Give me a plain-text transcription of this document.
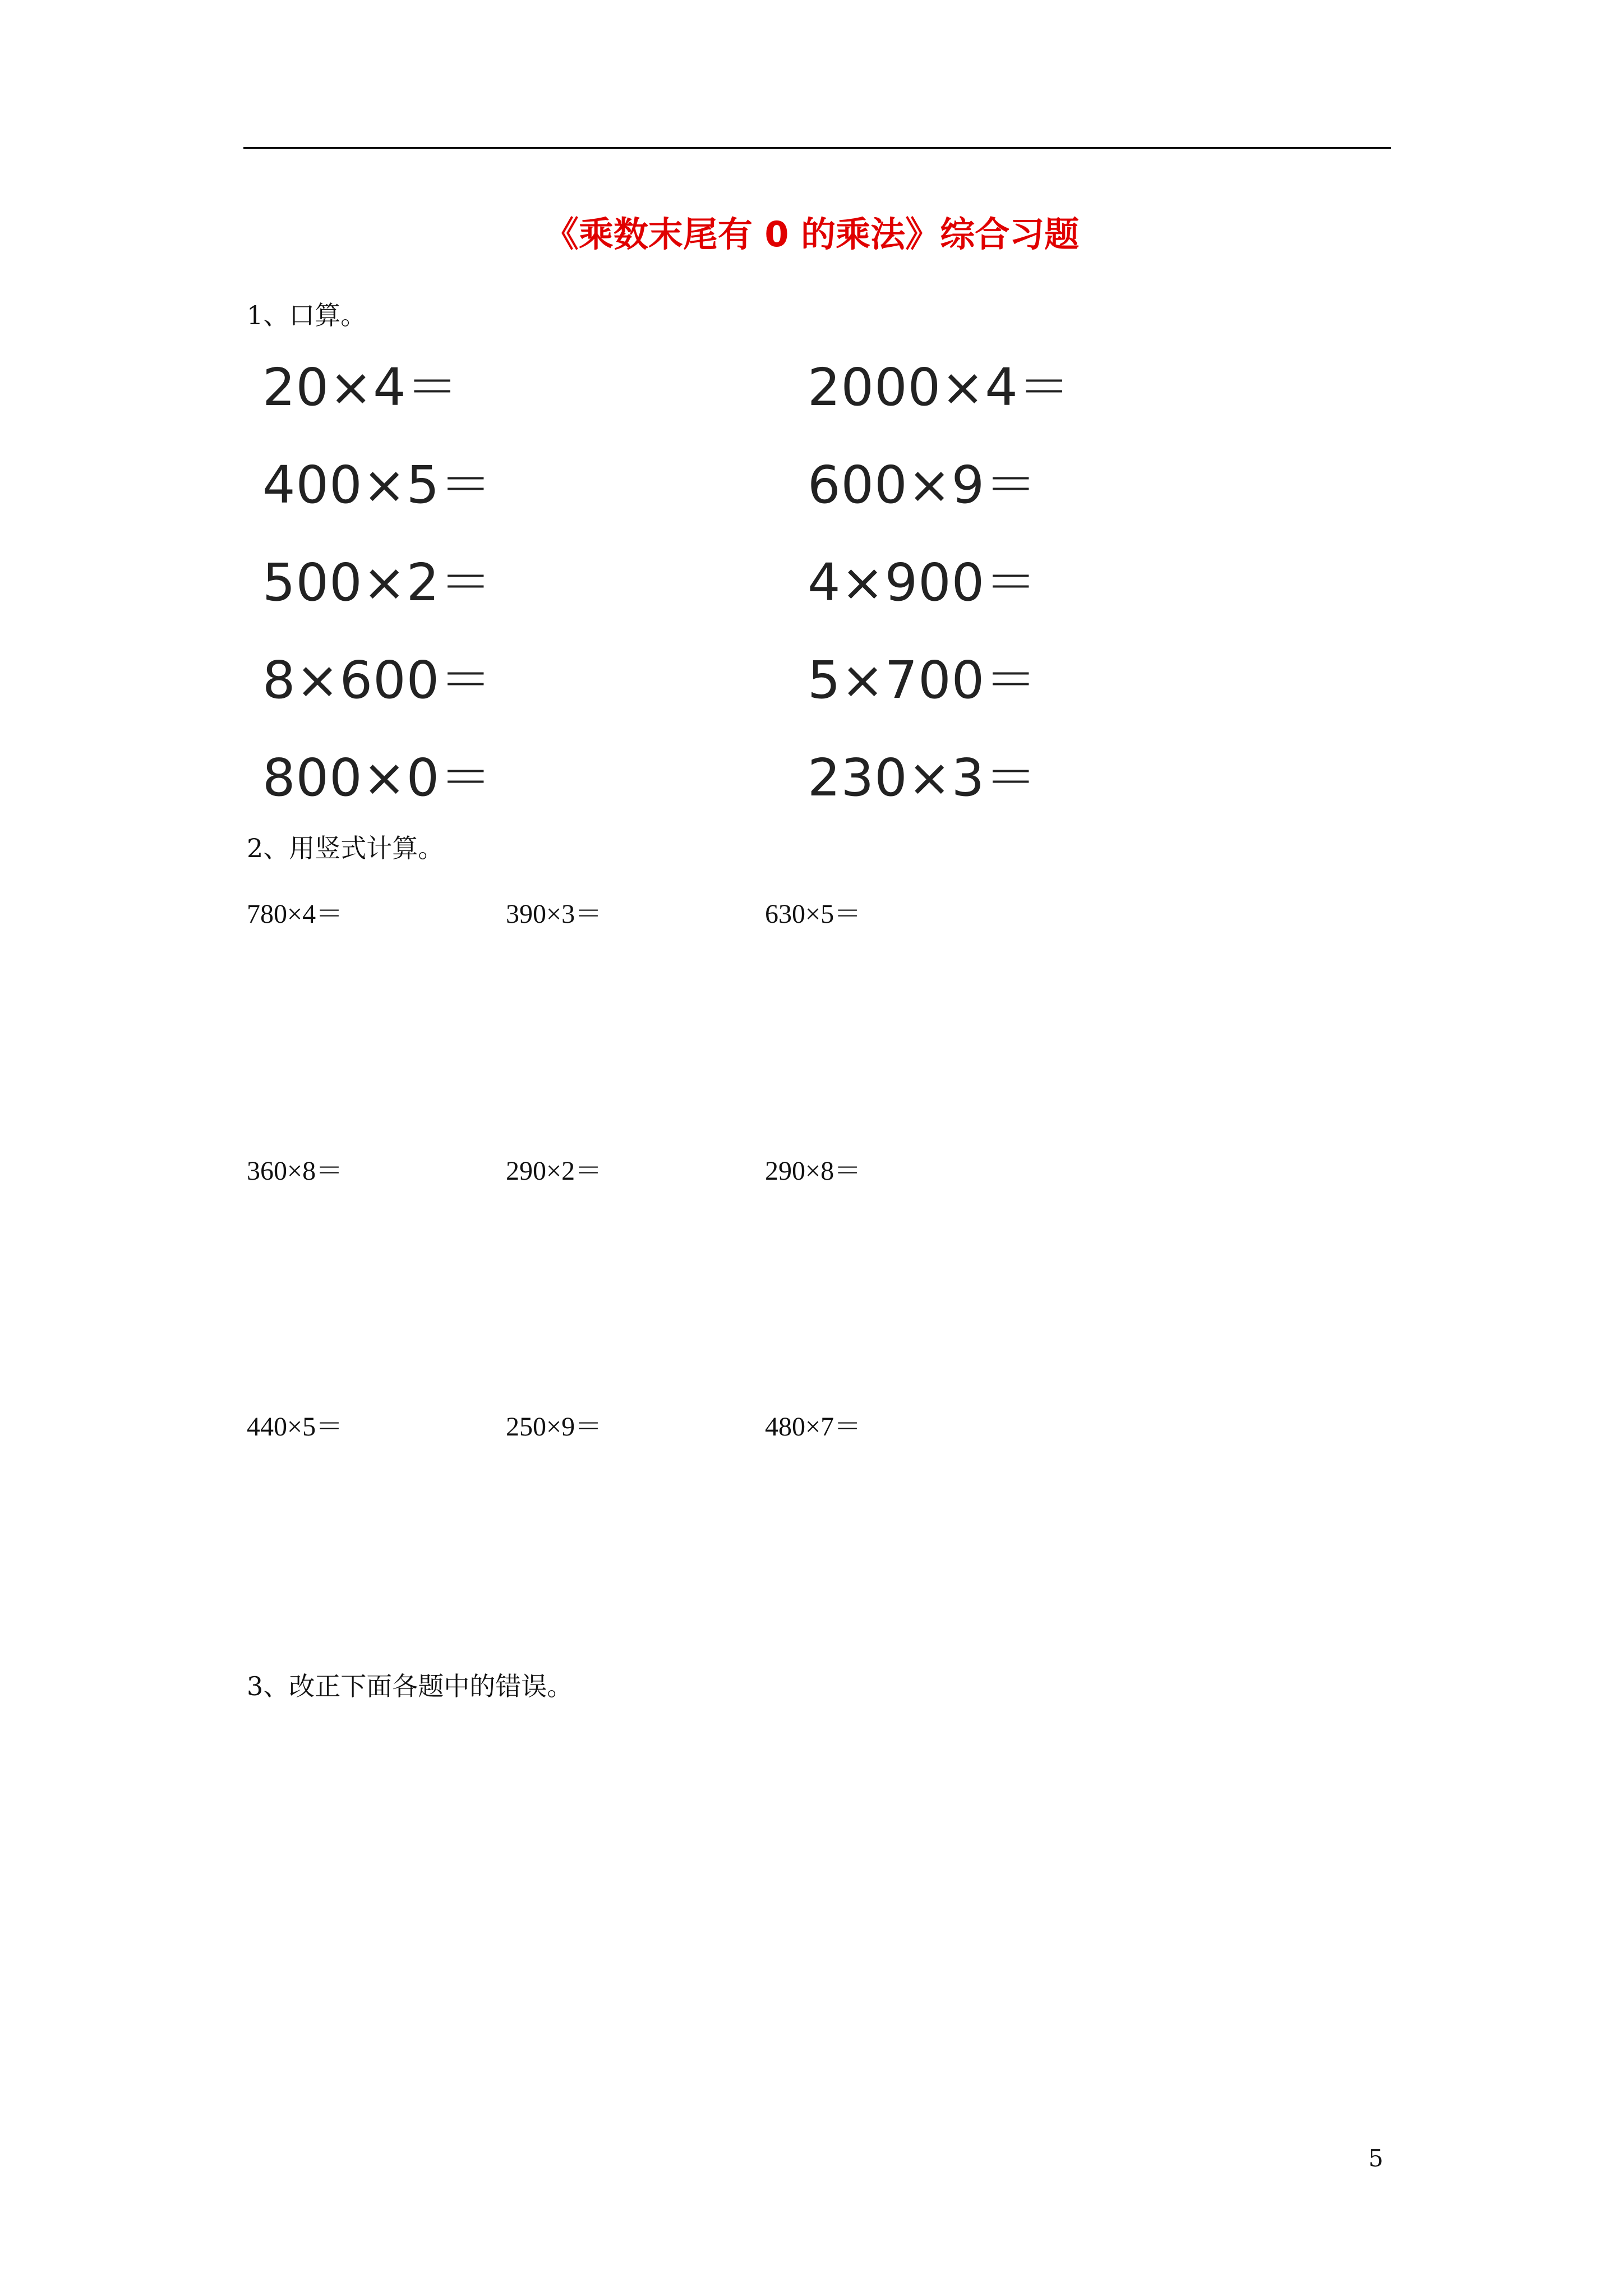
《乘数末尾有 0 的乘法》综合习题
1、口算。
20×4＝	2000×4＝
400×5＝	600×9＝
500×2＝	4×900＝
8×600＝	5×700＝
800×0＝	230×3＝
2、用竖式计算。
780×4＝	390×3＝	630×5＝
360×8＝	290×2＝	290×8＝
440×5＝	250×9＝	480×7＝
3、改正下面各题中的错误。
5
